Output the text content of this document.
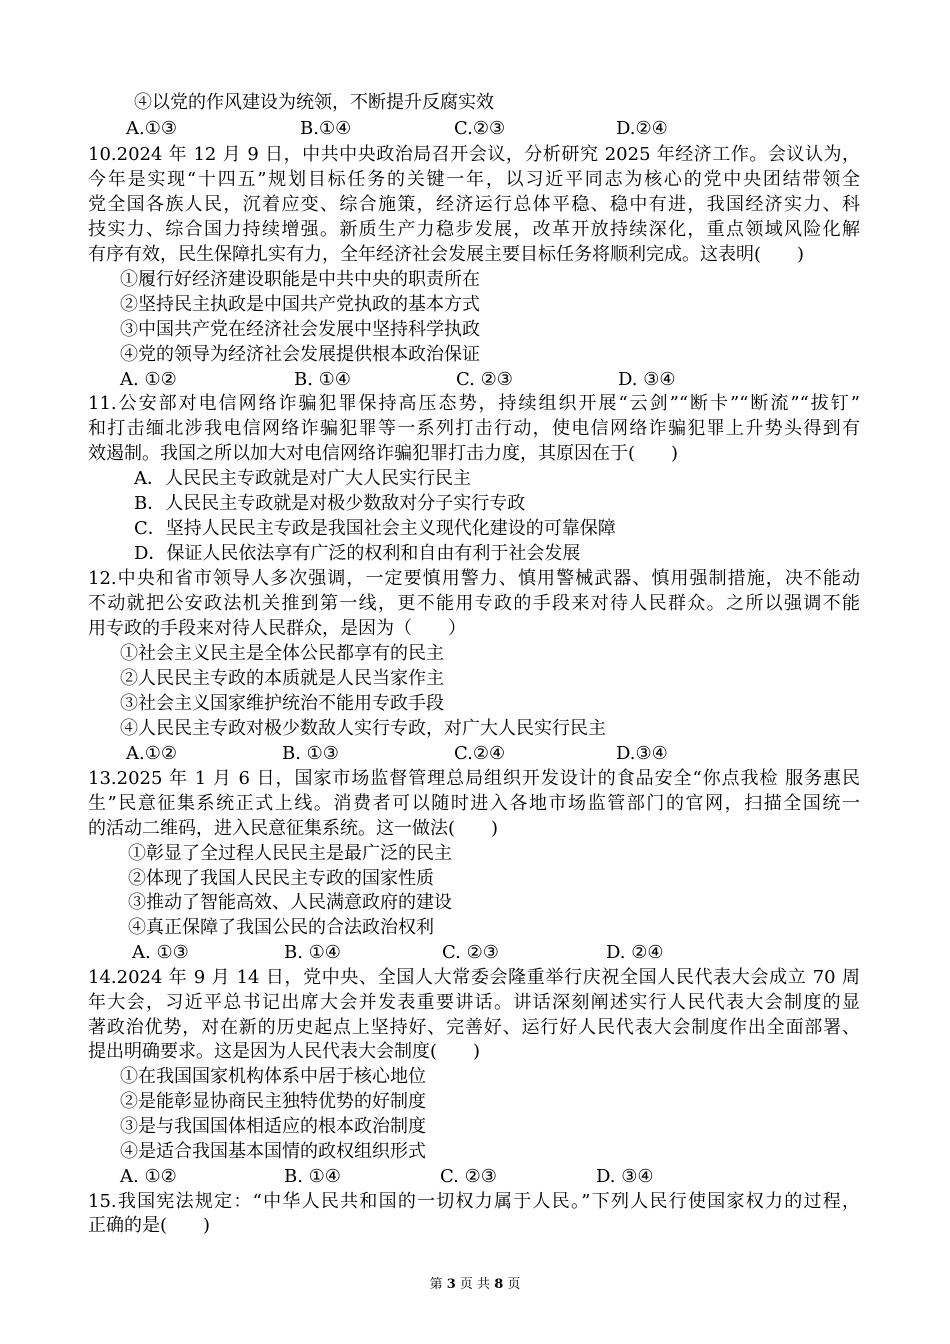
④以党的作风建设为统领，不断提升反腐实效
A.①③	B.①④	C.②③	D.②④
10.2024 年 12 月 9 日，中共中央政治局召开会议，分析研究 2025 年经济工作。会议认为，
今年是实现“十四五”规划目标任务的关键一年，以习近平同志为核心的党中央团结带领全
党全国各族人民，沉着应变、综合施策，经济运行总体平稳、稳中有进，我国经济实力、科
技实力、综合国力持续增强。新质生产力稳步发展，改革开放持续深化，重点领域风险化解
有序有效，民生保障扎实有力，全年经济社会发展主要目标任务将顺利完成。这表明(　　)
①履行好经济建设职能是中共中央的职责所在
②坚持民主执政是中国共产党执政的基本方式
③中国共产党在经济社会发展中坚持科学执政
④党的领导为经济社会发展提供根本政治保证
A. ①②	B. ①④	C. ②③	D. ③④
11.公安部对电信网络诈骗犯罪保持高压态势，持续组织开展“云剑”“断卡”“断流”“拔钉”
和打击缅北涉我电信网络诈骗犯罪等一系列打击行动，使电信网络诈骗犯罪上升势头得到有
效遏制。我国之所以加大对电信网络诈骗犯罪打击力度，其原因在于(　　)
A．人民民主专政就是对广大人民实行民主
B．人民民主专政就是对极少数敌对分子实行专政
C．坚持人民民主专政是我国社会主义现代化建设的可靠保障
D．保证人民依法享有广泛的权利和自由有利于社会发展
12.中央和省市领导人多次强调，一定要慎用警力、慎用警械武器、慎用强制措施，决不能动
不动就把公安政法机关推到第一线，更不能用专政的手段来对待人民群众。之所以强调不能
用专政的手段来对待人民群众，是因为（　　）
①社会主义民主是全体公民都享有的民主
②人民民主专政的本质就是人民当家作主
③社会主义国家维护统治不能用专政手段
④人民民主专政对极少数敌人实行专政，对广大人民实行民主
A.①②	B. ①③	C.②④	D.③④
13.2025 年 1 月 6 日，国家市场监督管理总局组织开发设计的食品安全“你点我检 服务惠民
生”民意征集系统正式上线。消费者可以随时进入各地市场监管部门的官网，扫描全国统一
的活动二维码，进入民意征集系统。这一做法(　　)
①彰显了全过程人民民主是最广泛的民主
②体现了我国人民民主专政的国家性质
③推动了智能高效、人民满意政府的建设
④真正保障了我国公民的合法政治权利
A. ①③	B. ①④	C. ②③	D. ②④
14.2024 年 9 月 14 日，党中央、全国人大常委会隆重举行庆祝全国人民代表大会成立 70 周
年大会，习近平总书记出席大会并发表重要讲话。讲话深刻阐述实行人民代表大会制度的显
著政治优势，对在新的历史起点上坚持好、完善好、运行好人民代表大会制度作出全面部署、
提出明确要求。这是因为人民代表大会制度(　　)
①在我国国家机构体系中居于核心地位
②是能彰显协商民主独特优势的好制度
③是与我国国体相适应的根本政治制度
④是适合我国基本国情的政权组织形式
A. ①②	B. ①④	C. ②③	D. ③④
15.我国宪法规定：“中华人民共和国的一切权力属于人民。”下列人民行使国家权力的过程，
正确的是(　　)
第 3 页 共 8 页
